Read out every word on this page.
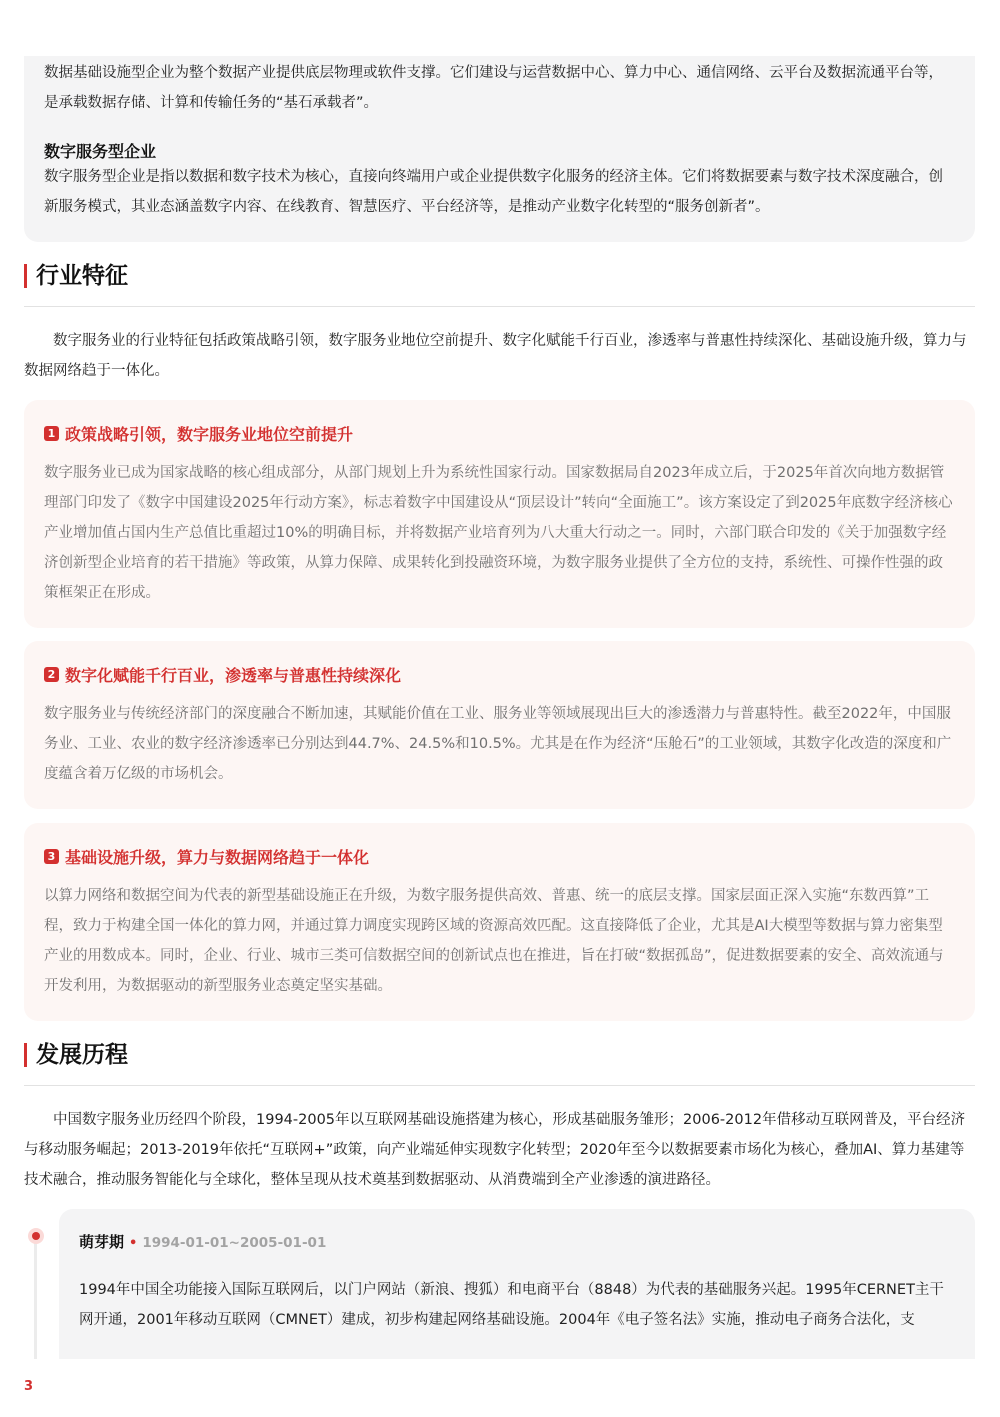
数据基础设施型企业为整个数据产业提供底层物理或软件支撑。它们建设与运营数据中心、算力中心、通信网络、云平台及数据流通平台等，是承载数据存储、计算和传输任务的“基石承载者”。
数字服务型企业
数字服务型企业是指以数据和数字技术为核心，直接向终端用户或企业提供数字化服务的经济主体。它们将数据要素与数字技术深度融合，创新服务模式，其业态涵盖数字内容、在线教育、智慧医疗、平台经济等，是推动产业数字化转型的“服务创新者”。
行业特征
数字服务业的行业特征包括政策战略引领，数字服务业地位空前提升、数字化赋能千行百业，渗透率与普惠性持续深化、基础设施升级，算力与数据网络趋于一体化。
1 政策战略引领，数字服务业地位空前提升
数字服务业已成为国家战略的核心组成部分，从部门规划上升为系统性国家行动。国家数据局自2023年成立后，于2025年首次向地方数据管理部门印发了《数字中国建设2025年行动方案》，标志着数字中国建设从“顶层设计”转向“全面施工”。该方案设定了到2025年底数字经济核心产业增加值占国内生产总值比重超过10%的明确目标，并将数据产业培育列为八大重大行动之一。同时，六部门联合印发的《关于加强数字经济创新型企业培育的若干措施》等政策，从算力保障、成果转化到投融资环境，为数字服务业提供了全方位的支持，系统性、可操作性强的政策框架正在形成。
2 数字化赋能千行百业，渗透率与普惠性持续深化
数字服务业与传统经济部门的深度融合不断加速，其赋能价值在工业、服务业等领域展现出巨大的渗透潜力与普惠特性。截至2022年，中国服务业、工业、农业的数字经济渗透率已分别达到44.7%、24.5%和10.5%。尤其是在作为经济“压舱石”的工业领域，其数字化改造的深度和广度蕴含着万亿级的市场机会。
3 基础设施升级，算力与数据网络趋于一体化
以算力网络和数据空间为代表的新型基础设施正在升级，为数字服务提供高效、普惠、统一的底层支撑。国家层面正深入实施“东数西算”工程，致力于构建全国一体化的算力网，并通过算力调度实现跨区域的资源高效匹配。这直接降低了企业，尤其是AI大模型等数据与算力密集型产业的用数成本。同时，企业、行业、城市三类可信数据空间的创新试点也在推进，旨在打破“数据孤岛”，促进数据要素的安全、高效流通与开发利用，为数据驱动的新型服务业态奠定坚实基础。
发展历程
中国数字服务业历经四个阶段，1994-2005年以互联网基础设施搭建为核心，形成基础服务雏形；2006-2012年借移动互联网普及，平台经济与移动服务崛起；2013-2019年依托“互联网+”政策，向产业端延伸实现数字化转型；2020年至今以数据要素市场化为核心，叠加AI、算力基建等技术融合，推动服务智能化与全球化，整体呈现从技术奠基到数据驱动、从消费端到全产业渗透的演进路径。
萌芽期 • 1994-01-01~2005-01-01
1994年中国全功能接入国际互联网后，以门户网站（新浪、搜狐）和电商平台（8848）为代表的基础服务兴起。1995年CERNET主干网开通，2001年移动互联网（CMNET）建成，初步构建起网络基础设施。2004年《电子签名法》实施，推动电子商务合法化，支
3
